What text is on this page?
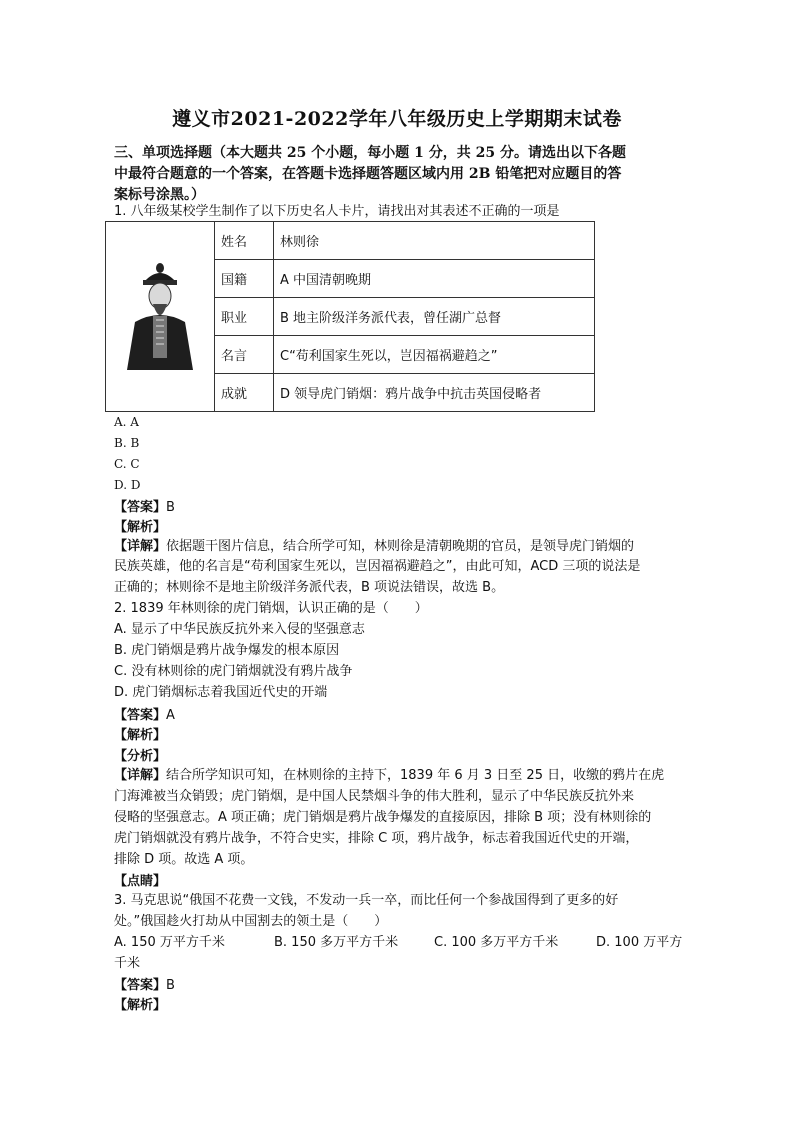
遵义市2021-2022学年八年级历史上学期期末试卷
三、单项选择题（本大题共 25 个小题，每小题 1 分，共 25 分。请选出以下各题
中最符合题意的一个答案，在答题卡选择题答题区域内用 2B 铅笔把对应题目的答
案标号涂黑。）
1. 八年级某校学生制作了以下历史名人卡片，请找出对其表述不正确的一项是
	姓名	林则徐
	国籍	A 中国清朝晚期
	职业	B 地主阶级洋务派代表，曾任湖广总督
	名言	C“苟利国家生死以，岂因福祸避趋之”
	成就	D 领导虎门销烟：鸦片战争中抗击英国侵略者
A. A
B. B
C. C
D. D
【答案】B
【解析】
【详解】依据题干图片信息，结合所学可知，林则徐是清朝晚期的官员，是领导虎门销烟的
民族英雄，他的名言是“苟利国家生死以，岂因福祸避趋之”，由此可知，ACD 三项的说法是
正确的；林则徐不是地主阶级洋务派代表，B 项说法错误，故选 B。
2. 1839 年林则徐的虎门销烟，认识正确的是（　　）
A. 显示了中华民族反抗外来入侵的坚强意志
B. 虎门销烟是鸦片战争爆发的根本原因
C. 没有林则徐的虎门销烟就没有鸦片战争
D. 虎门销烟标志着我国近代史的开端
【答案】A
【解析】
【分析】
【详解】结合所学知识可知，在林则徐的主持下，1839 年 6 月 3 日至 25 日，收缴的鸦片在虎
门海滩被当众销毁；虎门销烟，是中国人民禁烟斗争的伟大胜利，显示了中华民族反抗外来
侵略的坚强意志。A 项正确；虎门销烟是鸦片战争爆发的直接原因，排除 B 项；没有林则徐的
虎门销烟就没有鸦片战争，不符合史实，排除 C 项，鸦片战争，标志着我国近代史的开端，
排除 D 项。故选 A 项。
【点睛】
3. 马克思说“俄国不花费一文钱，不发动一兵一卒，而比任何一个参战国得到了更多的好
处。”俄国趁火打劫从中国割去的领土是（　　）
A. 150 万平方千米	B. 150 多万平方千米	C. 100 多万平方千米	D. 100 万平方
千米
【答案】B
【解析】
